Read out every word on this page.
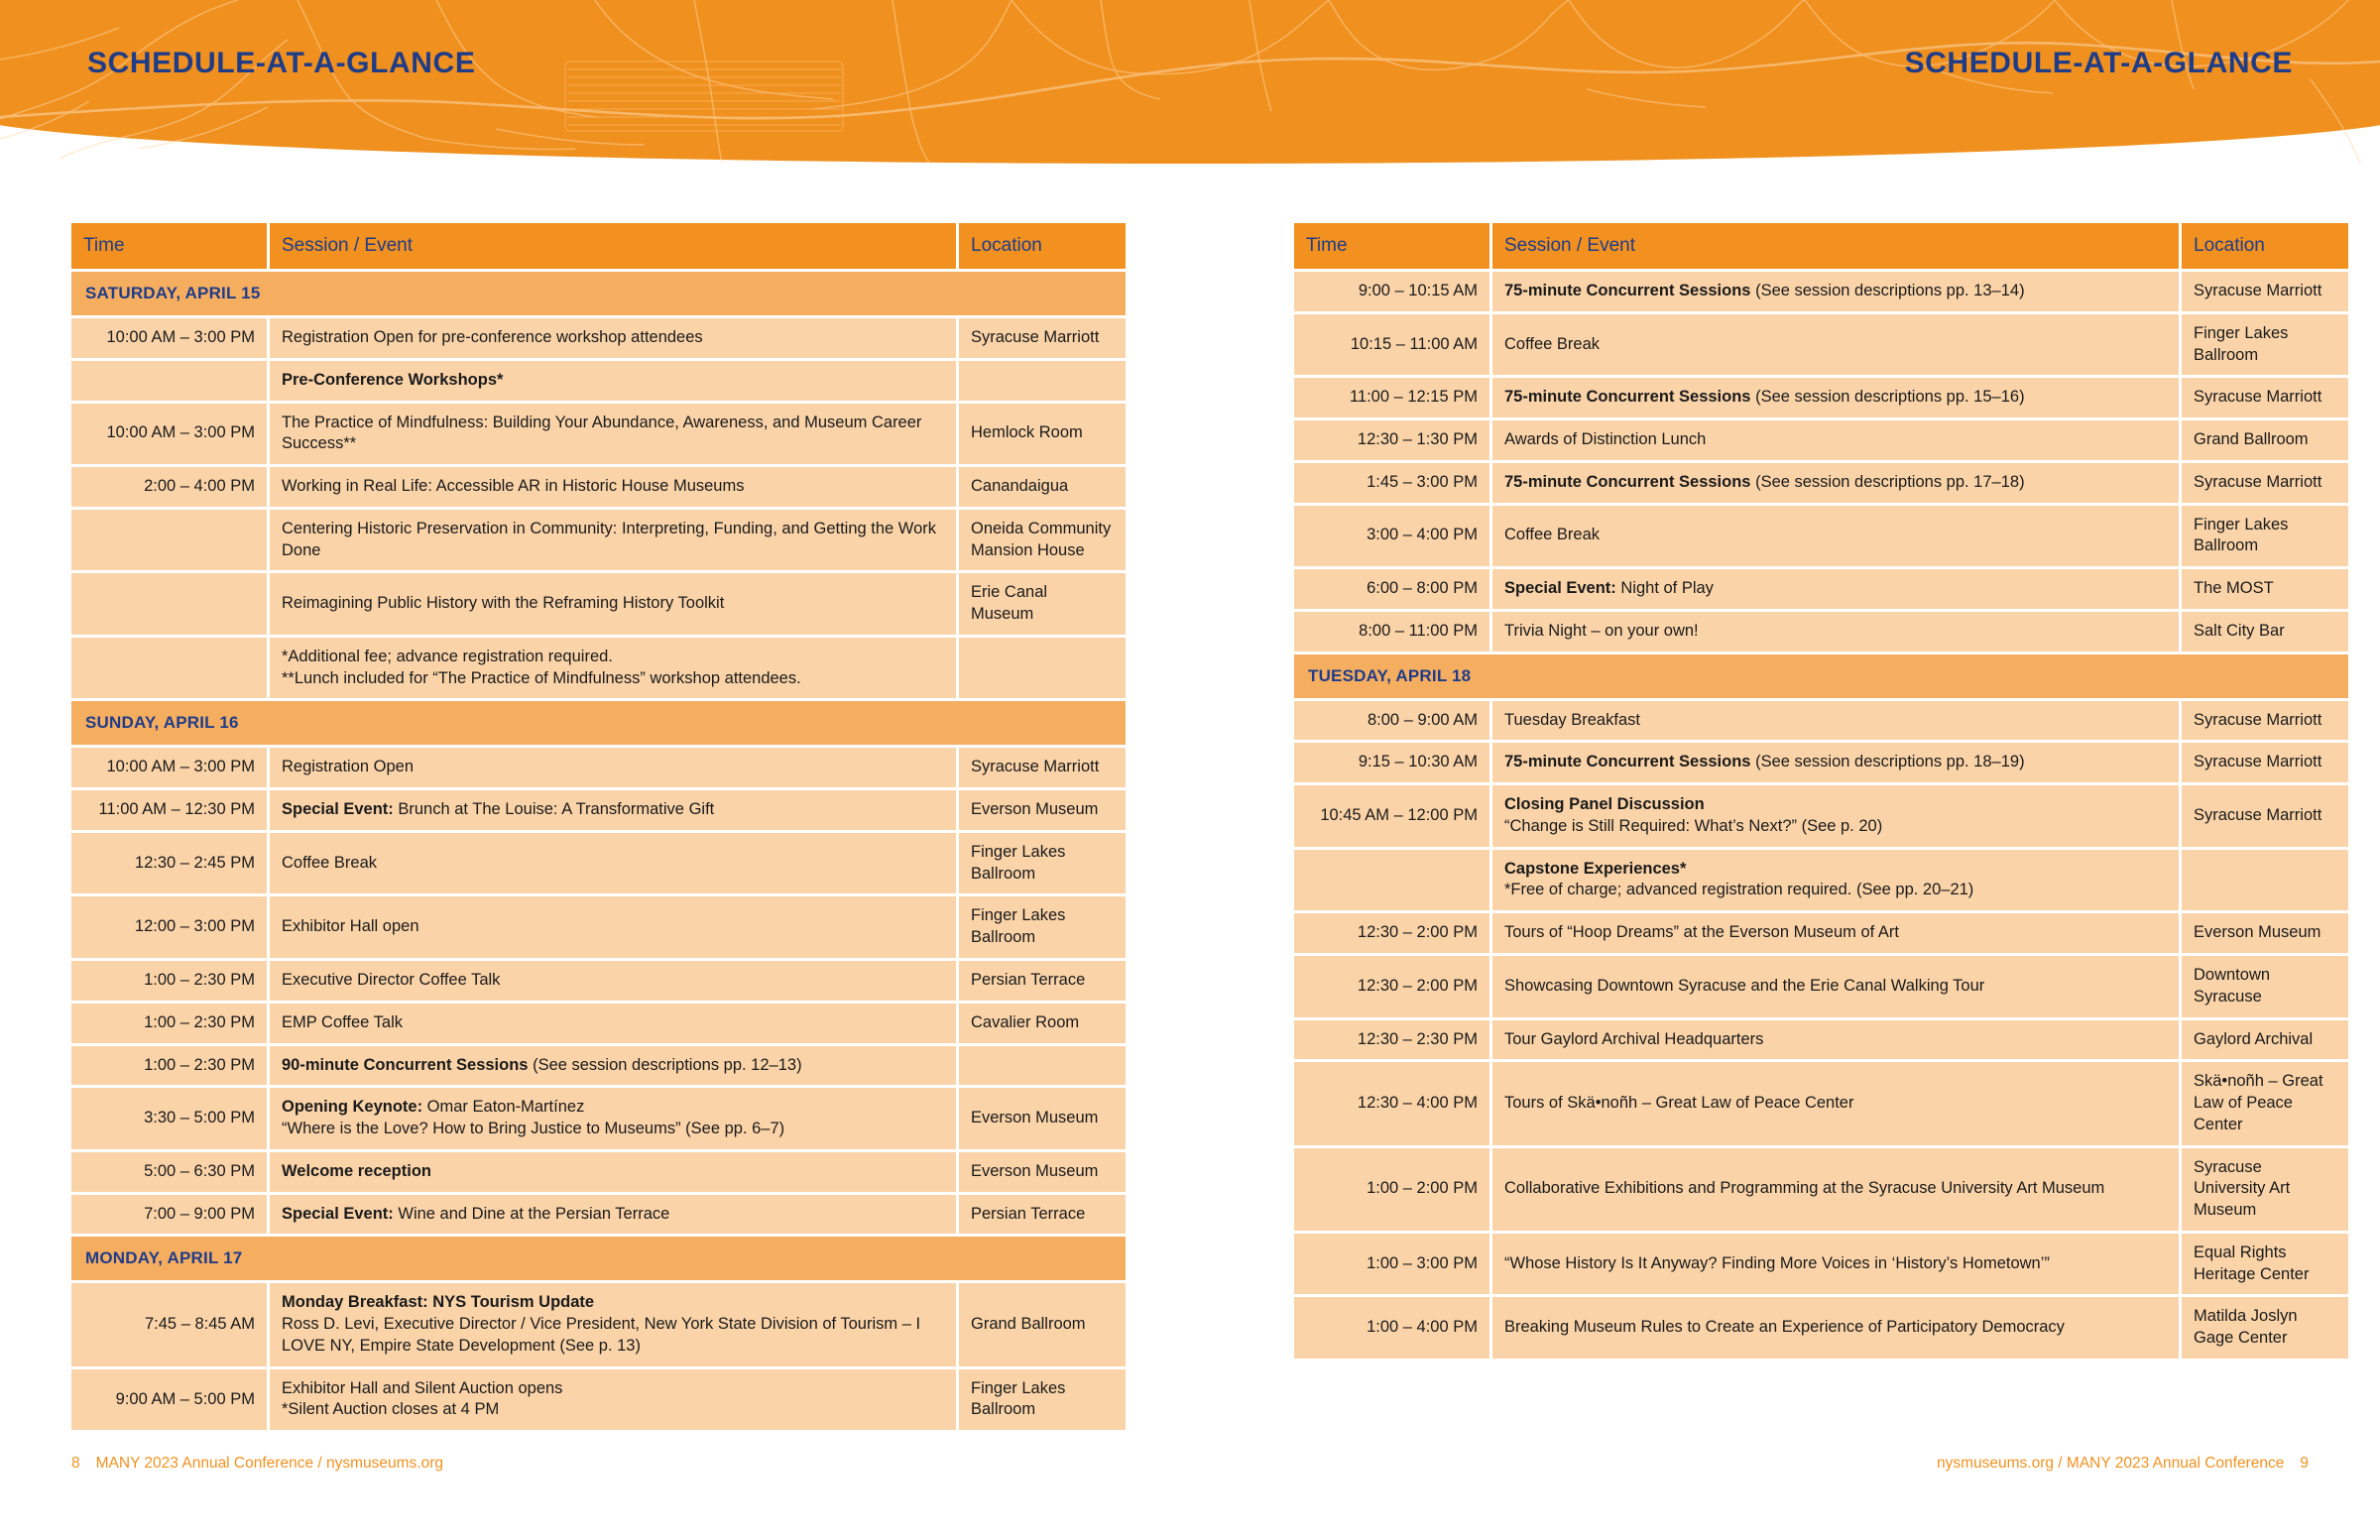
SCHEDULE-AT-A-GLANCE	SCHEDULE-AT-A-GLANCE
Time	Session / Event	Location
SATURDAY, APRIL 15		
10:00 AM – 3:00 PM	Registration Open for pre-conference workshop attendees	Syracuse Marriott
	Pre-Conference Workshops*	
10:00 AM – 3:00 PM	The Practice of Mindfulness: Building Your Abundance, Awareness, and Museum Career Success**	Hemlock Room
2:00 – 4:00 PM	Working in Real Life: Accessible AR in Historic House Museums	Canandaigua
	Centering Historic Preservation in Community: Interpreting, Funding, and Getting the Work Done	Oneida Community Mansion House
	Reimagining Public History with the Reframing History Toolkit	Erie Canal Museum
	*Additional fee; advance registration required.
**Lunch included for “The Practice of Mindfulness” workshop attendees.	
SUNDAY, APRIL 16		
10:00 AM – 3:00 PM	Registration Open	Syracuse Marriott
11:00 AM – 12:30 PM	Special Event: Brunch at The Louise: A Transformative Gift	Everson Museum
12:30 – 2:45 PM	Coffee Break	Finger Lakes Ballroom
12:00 – 3:00 PM	Exhibitor Hall open	Finger Lakes Ballroom
1:00 – 2:30 PM	Executive Director Coffee Talk	Persian Terrace
1:00 – 2:30 PM	EMP Coffee Talk	Cavalier Room
1:00 – 2:30 PM	90-minute Concurrent Sessions (See session descriptions pp. 12–13)	
3:30 – 5:00 PM	Opening Keynote: Omar Eaton-Martínez
“Where is the Love? How to Bring Justice to Museums” (See pp. 6–7)	Everson Museum
5:00 – 6:30 PM	Welcome reception	Everson Museum
7:00 – 9:00 PM	Special Event: Wine and Dine at the Persian Terrace	Persian Terrace
MONDAY, APRIL 17		
7:45 – 8:45 AM	Monday Breakfast: NYS Tourism Update
Ross D. Levi, Executive Director / Vice President, New York State Division of Tourism – I LOVE NY, Empire State Development (See p. 13)	Grand Ballroom
9:00 AM – 5:00 PM	Exhibitor Hall and Silent Auction opens
*Silent Auction closes at 4 PM	Finger Lakes Ballroom
Time	Session / Event	Location
9:00 – 10:15 AM	75-minute Concurrent Sessions (See session descriptions pp. 13–14)	Syracuse Marriott
10:15 – 11:00 AM	Coffee Break	Finger Lakes Ballroom
11:00 – 12:15 PM	75-minute Concurrent Sessions (See session descriptions pp. 15–16)	Syracuse Marriott
12:30 – 1:30 PM	Awards of Distinction Lunch	Grand Ballroom
1:45 – 3:00 PM	75-minute Concurrent Sessions (See session descriptions pp. 17–18)	Syracuse Marriott
3:00 – 4:00 PM	Coffee Break	Finger Lakes Ballroom
6:00 – 8:00 PM	Special Event: Night of Play	The MOST
8:00 – 11:00 PM	Trivia Night – on your own!	Salt City Bar
TUESDAY, APRIL 18		
8:00 – 9:00 AM	Tuesday Breakfast	Syracuse Marriott
9:15 – 10:30 AM	75-minute Concurrent Sessions (See session descriptions pp. 18–19)	Syracuse Marriott
10:45 AM – 12:00 PM	Closing Panel Discussion
“Change is Still Required: What’s Next?” (See p. 20)	Syracuse Marriott
	Capstone Experiences*
*Free of charge; advanced registration required. (See pp. 20–21)	
12:30 – 2:00 PM	Tours of “Hoop Dreams” at the Everson Museum of Art	Everson Museum
12:30 – 2:00 PM	Showcasing Downtown Syracuse and the Erie Canal Walking Tour	Downtown Syracuse
12:30 – 2:30 PM	Tour Gaylord Archival Headquarters	Gaylord Archival
12:30 – 4:00 PM	Tours of Skä•noñh – Great Law of Peace Center	Skä•noñh – Great Law of Peace Center
1:00 – 2:00 PM	Collaborative Exhibitions and Programming at the Syracuse University Art Museum	Syracuse University Art Museum
1:00 – 3:00 PM	“Whose History Is It Anyway? Finding More Voices in ‘History’s Hometown’”	Equal Rights Heritage Center
1:00 – 4:00 PM	Breaking Museum Rules to Create an Experience of Participatory Democracy	Matilda Joslyn Gage Center
8 MANY 2023 Annual Conference / nysmuseums.org	nysmuseums.org / MANY 2023 Annual Conference 9
